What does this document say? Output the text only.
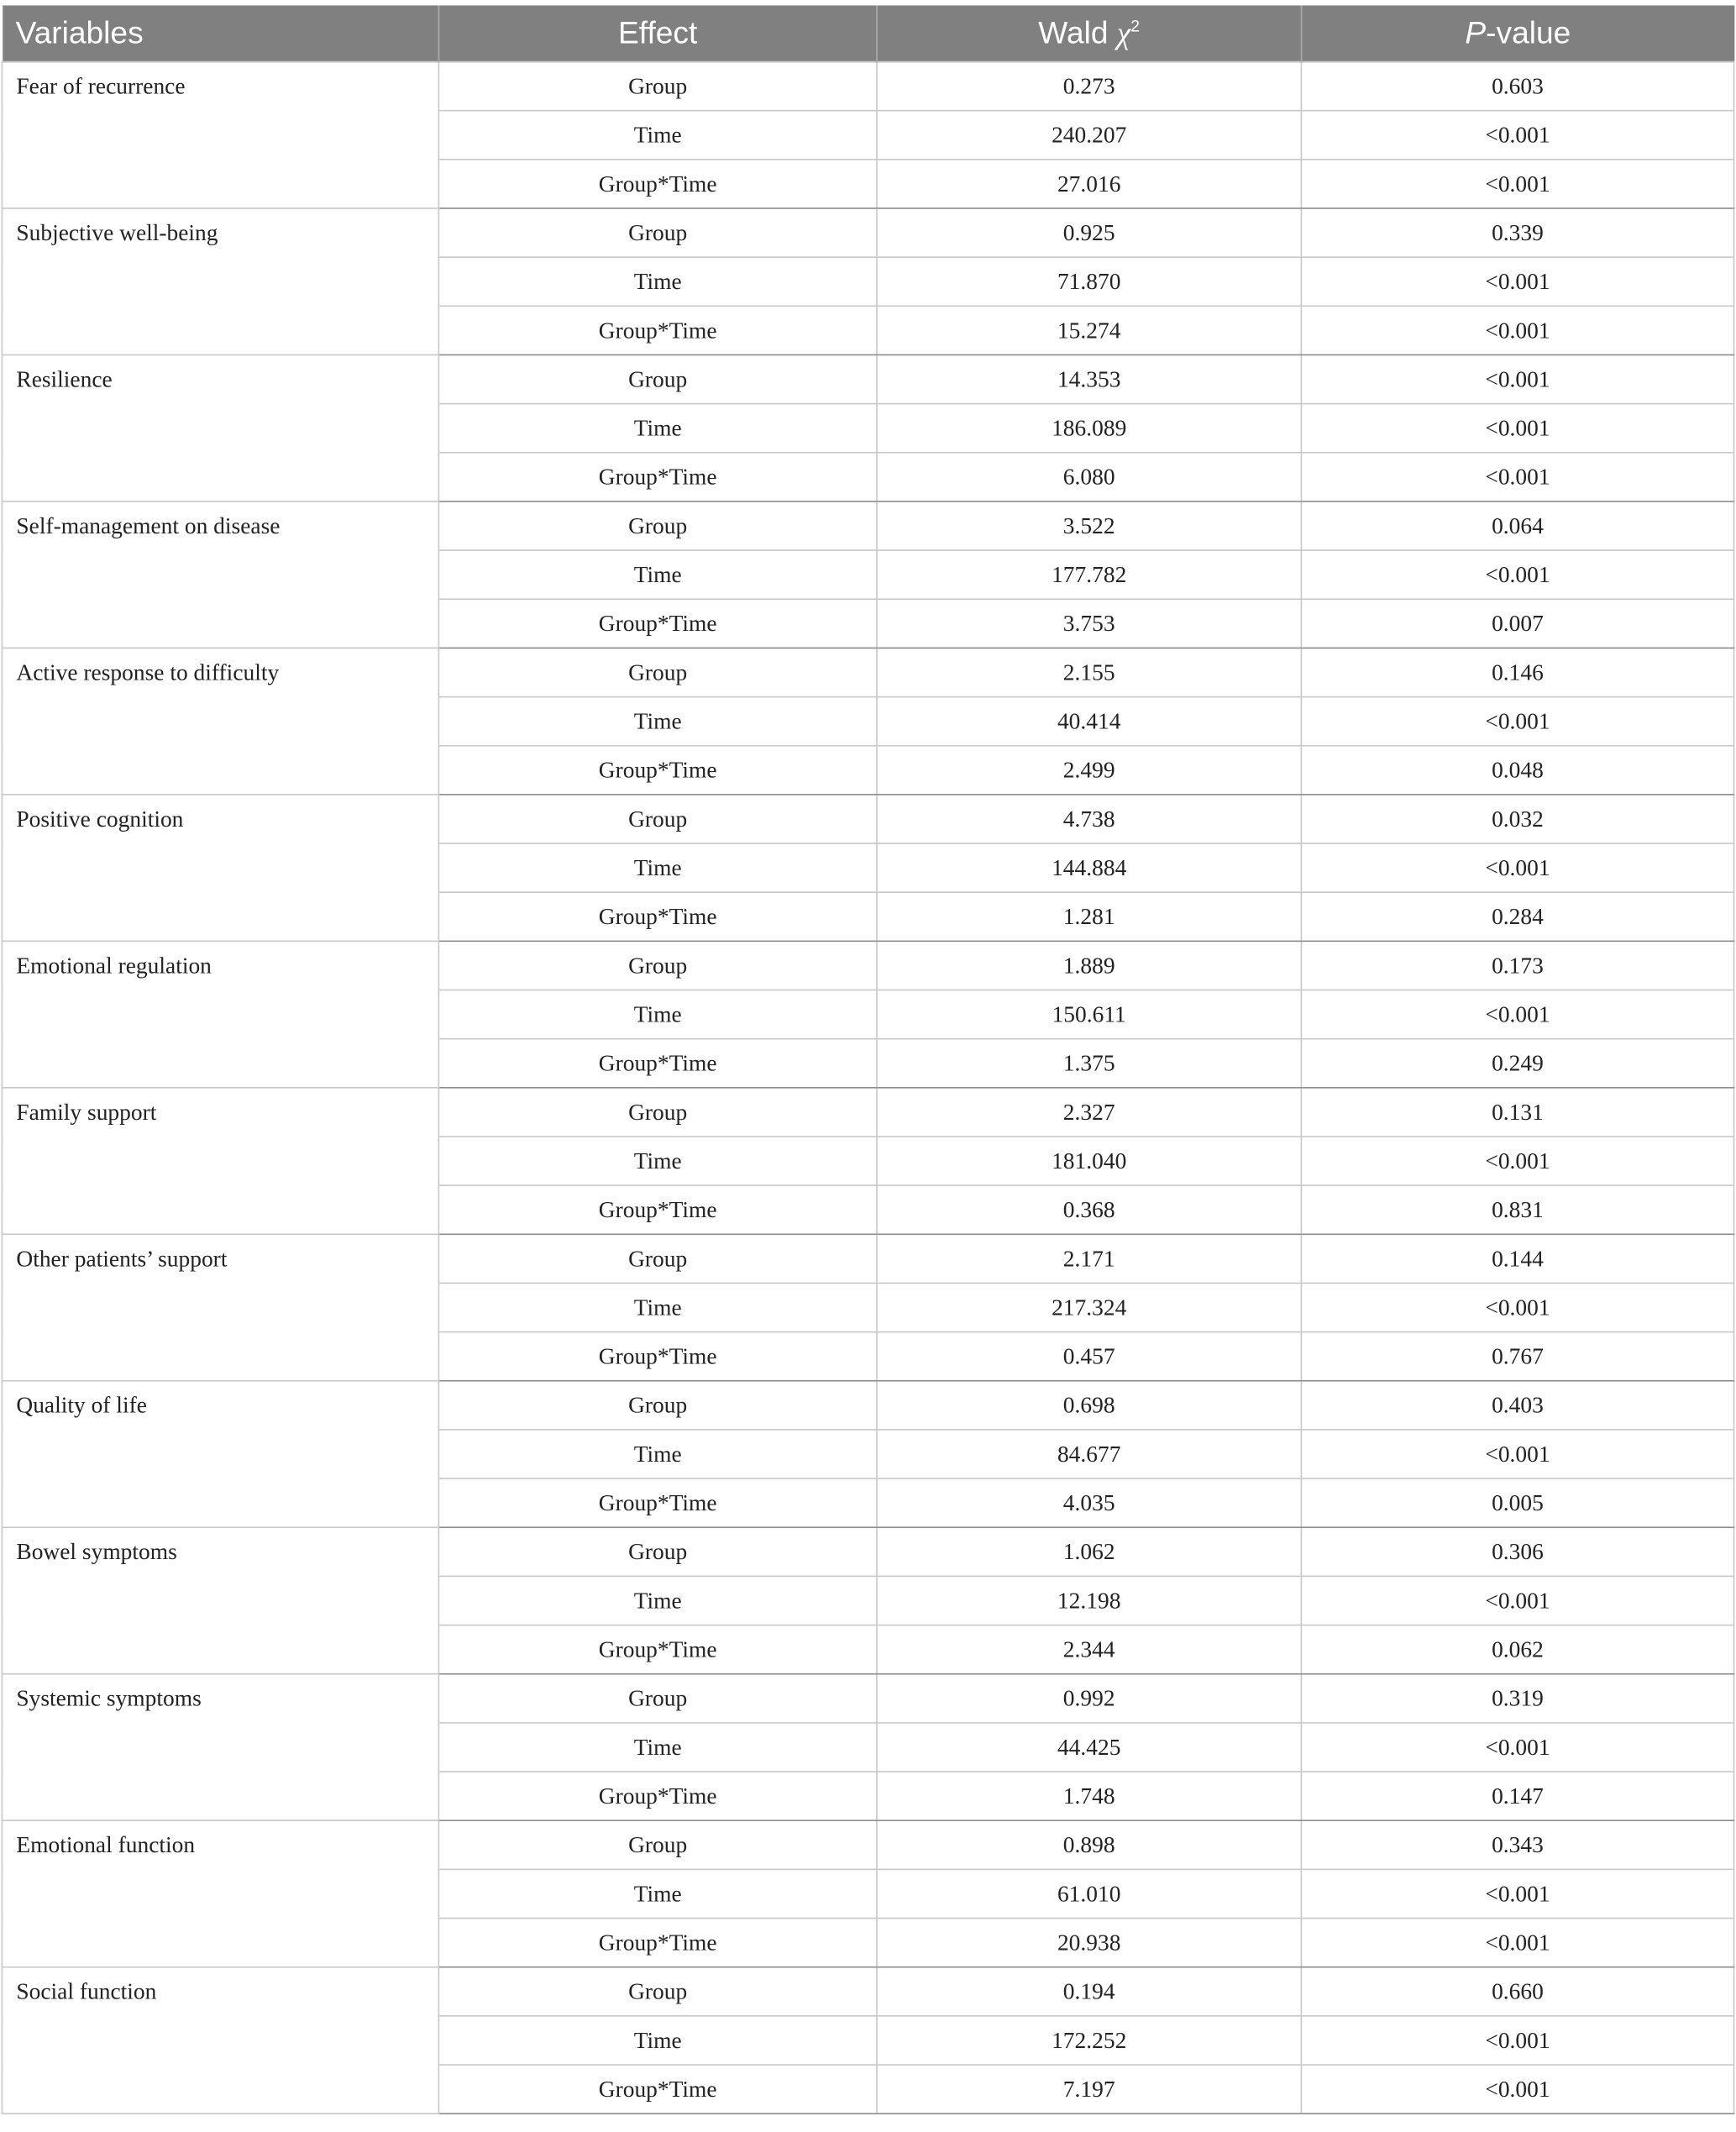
Variables	Effect	Wald $\chi^2$	P-value
Fear of recurrence	Group	0.273	0.603
	Time	240.207	<0.001
	Group*Time	27.016	<0.001
Subjective well-being	Group	0.925	0.339
	Time	71.870	<0.001
	Group*Time	15.274	<0.001
Resilience	Group	14.353	<0.001
	Time	186.089	<0.001
	Group*Time	6.080	<0.001
Self-management on disease	Group	3.522	0.064
	Time	177.782	<0.001
	Group*Time	3.753	0.007
Active response to difficulty	Group	2.155	0.146
	Time	40.414	<0.001
	Group*Time	2.499	0.048
Positive cognition	Group	4.738	0.032
	Time	144.884	<0.001
	Group*Time	1.281	0.284
Emotional regulation	Group	1.889	0.173
	Time	150.611	<0.001
	Group*Time	1.375	0.249
Family support	Group	2.327	0.131
	Time	181.040	<0.001
	Group*Time	0.368	0.831
Other patients’ support	Group	2.171	0.144
	Time	217.324	<0.001
	Group*Time	0.457	0.767
Quality of life	Group	0.698	0.403
	Time	84.677	<0.001
	Group*Time	4.035	0.005
Bowel symptoms	Group	1.062	0.306
	Time	12.198	<0.001
	Group*Time	2.344	0.062
Systemic symptoms	Group	0.992	0.319
	Time	44.425	<0.001
	Group*Time	1.748	0.147
Emotional function	Group	0.898	0.343
	Time	61.010	<0.001
	Group*Time	20.938	<0.001
Social function	Group	0.194	0.660
	Time	172.252	<0.001
	Group*Time	7.197	<0.001
